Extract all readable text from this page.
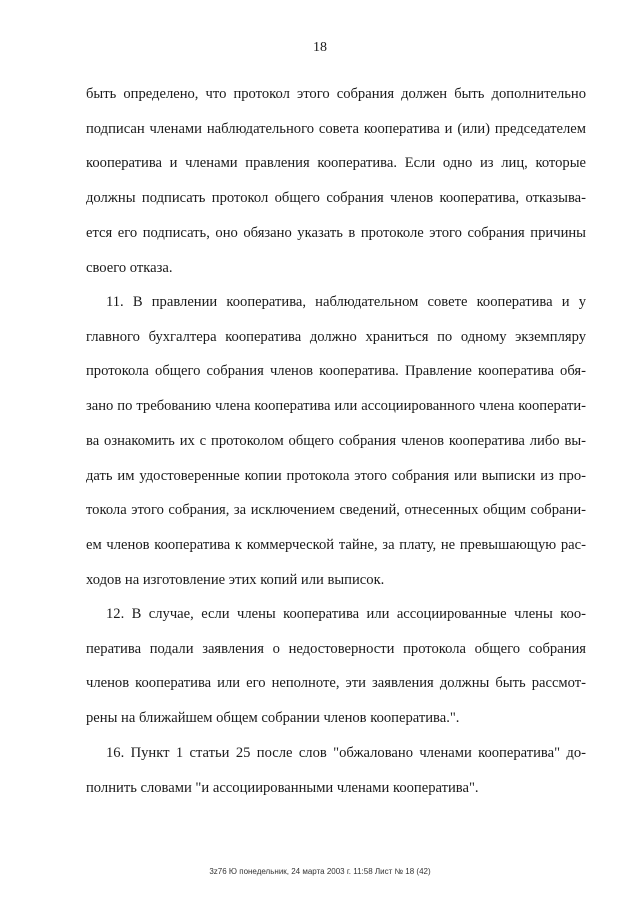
18
быть определено, что протокол этого собрания должен быть дополнительно
подписан членами наблюдательного совета кооператива и (или) председателем
кооператива и членами правления кооператива. Если одно из лиц, которые
должны подписать протокол общего собрания членов кооператива, отказыва-
ется его подписать, оно обязано указать в протоколе этого собрания причины
своего отказа.
11. В правлении кооператива, наблюдательном совете кооператива и у
главного бухгалтера кооператива должно храниться по одному экземпляру
протокола общего собрания членов кооператива. Правление кооператива обя-
зано по требованию члена кооператива или ассоциированного члена кооперати-
ва ознакомить их с протоколом общего собрания членов кооператива либо вы-
дать им удостоверенные копии протокола этого собрания или выписки из про-
токола этого собрания, за исключением сведений, отнесенных общим собрани-
ем членов кооператива к коммерческой тайне, за плату, не превышающую рас-
ходов на изготовление этих копий или выписок.
12. В случае, если члены кооператива или ассоциированные члены коо-
ператива подали заявления о недостоверности протокола общего собрания
членов кооператива или его неполноте, эти заявления должны быть рассмот-
рены на ближайшем общем собрании членов кооператива.".
16. Пункт 1 статьи 25 после слов "обжаловано членами кооператива" до-
полнить словами "и ассоциированными членами кооператива".
3z76 Ю понедельник, 24 марта 2003 г. 11:58 Лист № 18 (42)
